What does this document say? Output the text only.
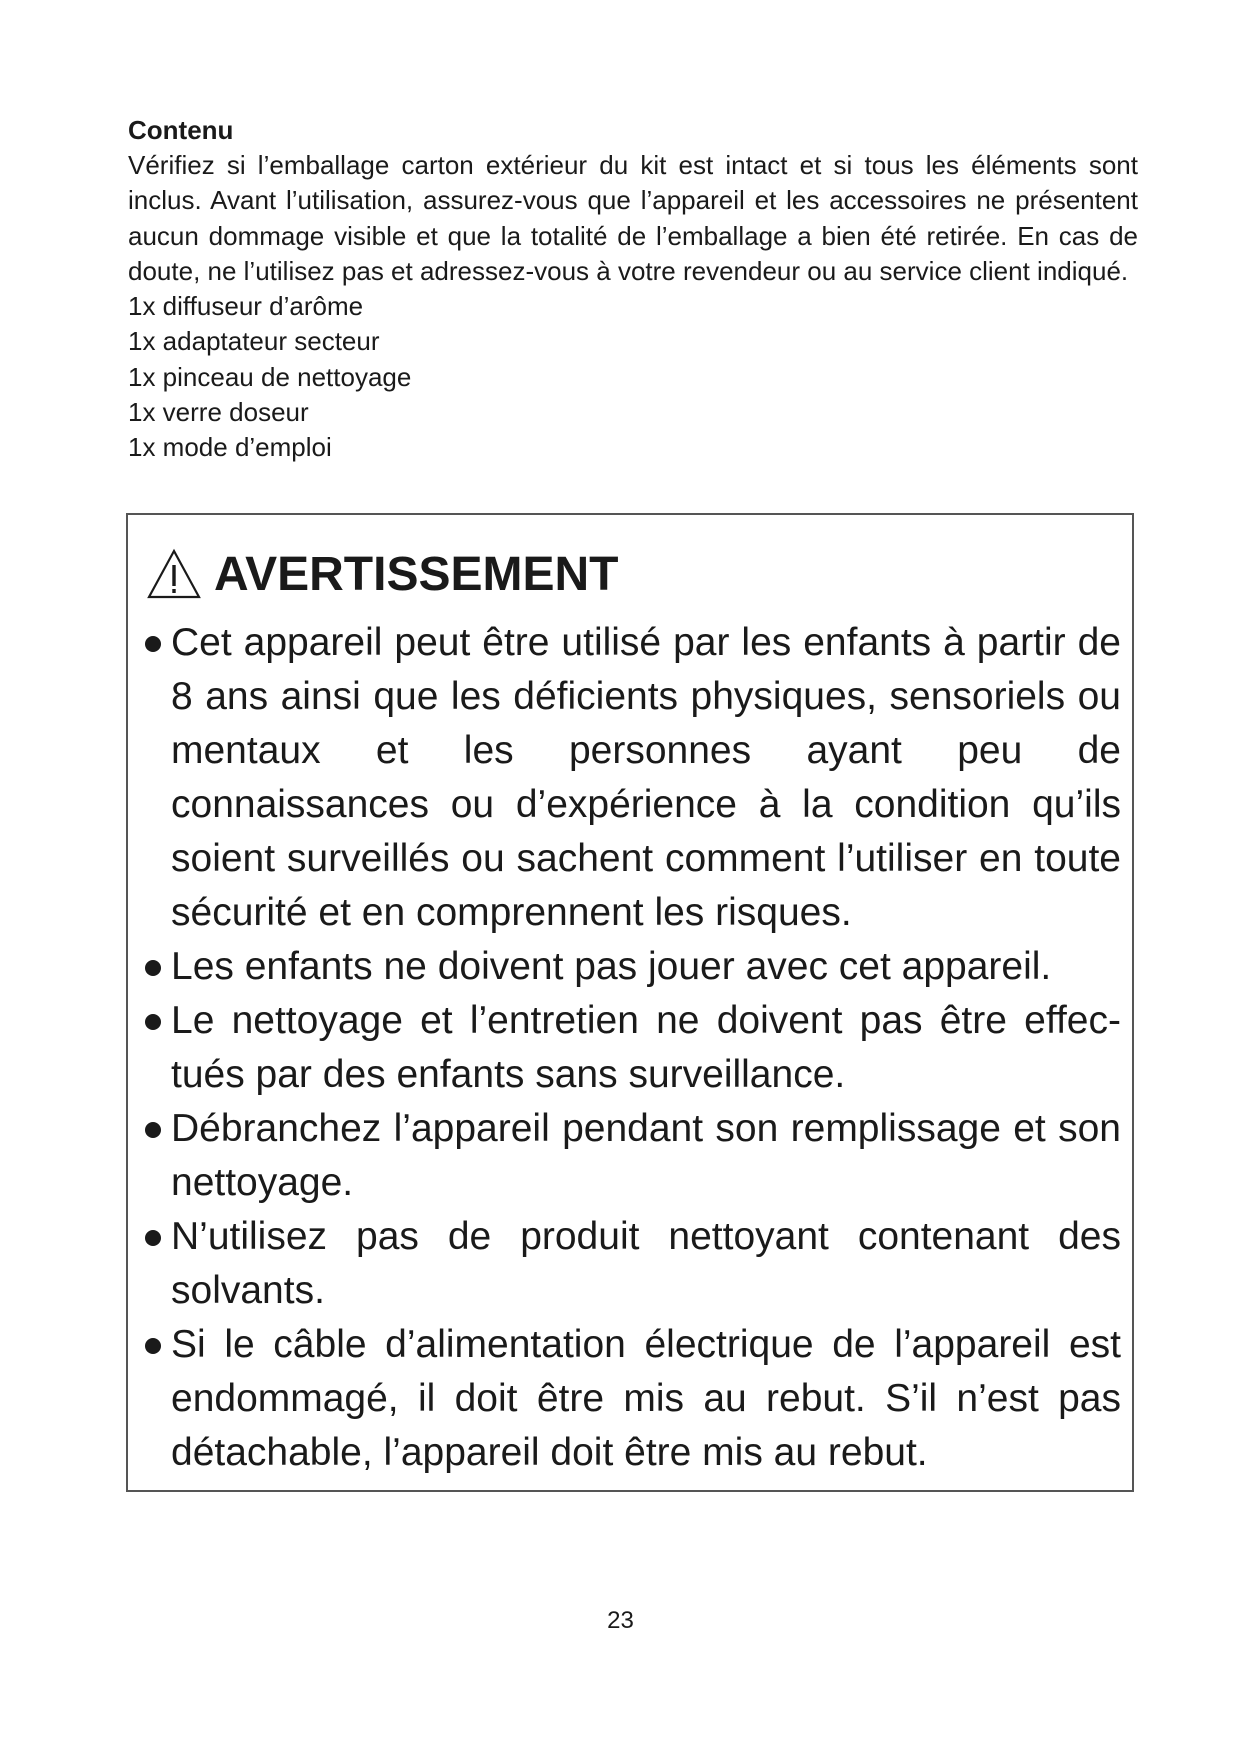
Contenu

Vérifiez si l’emballage carton extérieur du kit est intact et si tous les éléments sont inclus. Avant l’utilisation, assurez-vous que l’appareil et les accessoires ne présentent aucun dommage visible et que la totalité de l’emballage a bien été retirée. En cas de doute, ne l’utilisez pas et adressez-vous à votre revendeur ou au service client indiqué.

1x diffuseur d’arôme
1x adaptateur secteur
1x pinceau de nettoyage
1x verre doseur
1x mode d’emploi
AVERTISSEMENT
Cet appareil peut être utilisé par les enfants à partir de 8 ans ainsi que les déficients physiques, sensoriels ou mentaux et les personnes ayant peu de connaissances ou d’expérience à la condition qu’ils soient surveillés ou sachent comment l’utiliser en toute sécurité et en comprennent les risques.
Les enfants ne doivent pas jouer avec cet appareil.
Le nettoyage et l’entretien ne doivent pas être effectués par des enfants sans surveillance.
Débranchez l’appareil pendant son remplissage et son nettoyage.
N’utilisez pas de produit nettoyant contenant des solvants.
Si le câble d’alimentation électrique de l’appareil est endommagé, il doit être mis au rebut. S’il n’est pas détachable, l’appareil doit être mis au rebut.
23
